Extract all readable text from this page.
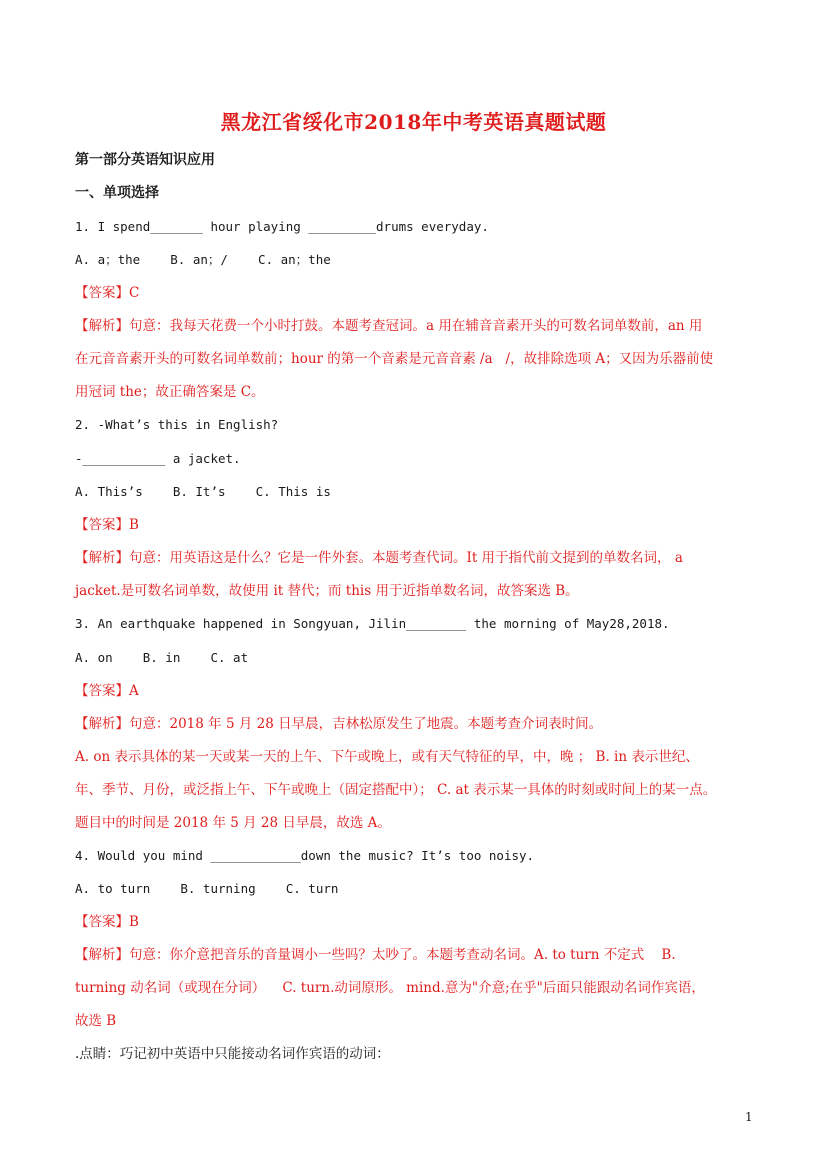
黑龙江省绥化市2018年中考英语真题试题
第一部分英语知识应用
一、单项选择
1. I spend_______ hour playing _________drums everyday.
A. a；the    B. an；/    C. an；the
【答案】C
【解析】句意：我每天花费一个小时打鼓。本题考查冠词。a 用在辅音音素开头的可数名词单数前，an 用
在元音音素开头的可数名词单数前；hour 的第一个音素是元音音素 /a   /，故排除选项 A；又因为乐器前使
用冠词 the；故正确答案是 C。
2. -What’s this in English?
-___________ a jacket.
A. This’s    B. It’s    C. This is
【答案】B
【解析】句意：用英语这是什么？它是一件外套。本题考查代词。It 用于指代前文提到的单数名词， a
jacket.是可数名词单数，故使用 it 替代；而 this 用于近指单数名词，故答案选 B。
3. An earthquake happened in Songyuan, Jilin________ the morning of May28,2018.
A. on    B. in    C. at
【答案】A
【解析】句意：2018 年 5 月 28 日早晨，吉林松原发生了地震。本题考查介词表时间。
A. on 表示具体的某一天或某一天的上午、下午或晚上，或有天气特征的早，中，晚 ； B. in 表示世纪、
年、季节、月份，或泛指上午、下午或晚上（固定搭配中）； C. at 表示某一具体的时刻或时间上的某一点。
题目中的时间是 2018 年 5 月 28 日早晨，故选 A。
4. Would you mind ____________down the music? It’s too noisy.
A. to turn    B. turning    C. turn
【答案】B
【解析】句意：你介意把音乐的音量调小一些吗？太吵了。本题考查动名词。A. to turn 不定式    B.
turning 动名词（或现在分词）    C. turn.动词原形。 mind.意为"介意;在乎"后面只能跟动名词作宾语，
故选 B
.点睛：巧记初中英语中只能接动名词作宾语的动词：
1
